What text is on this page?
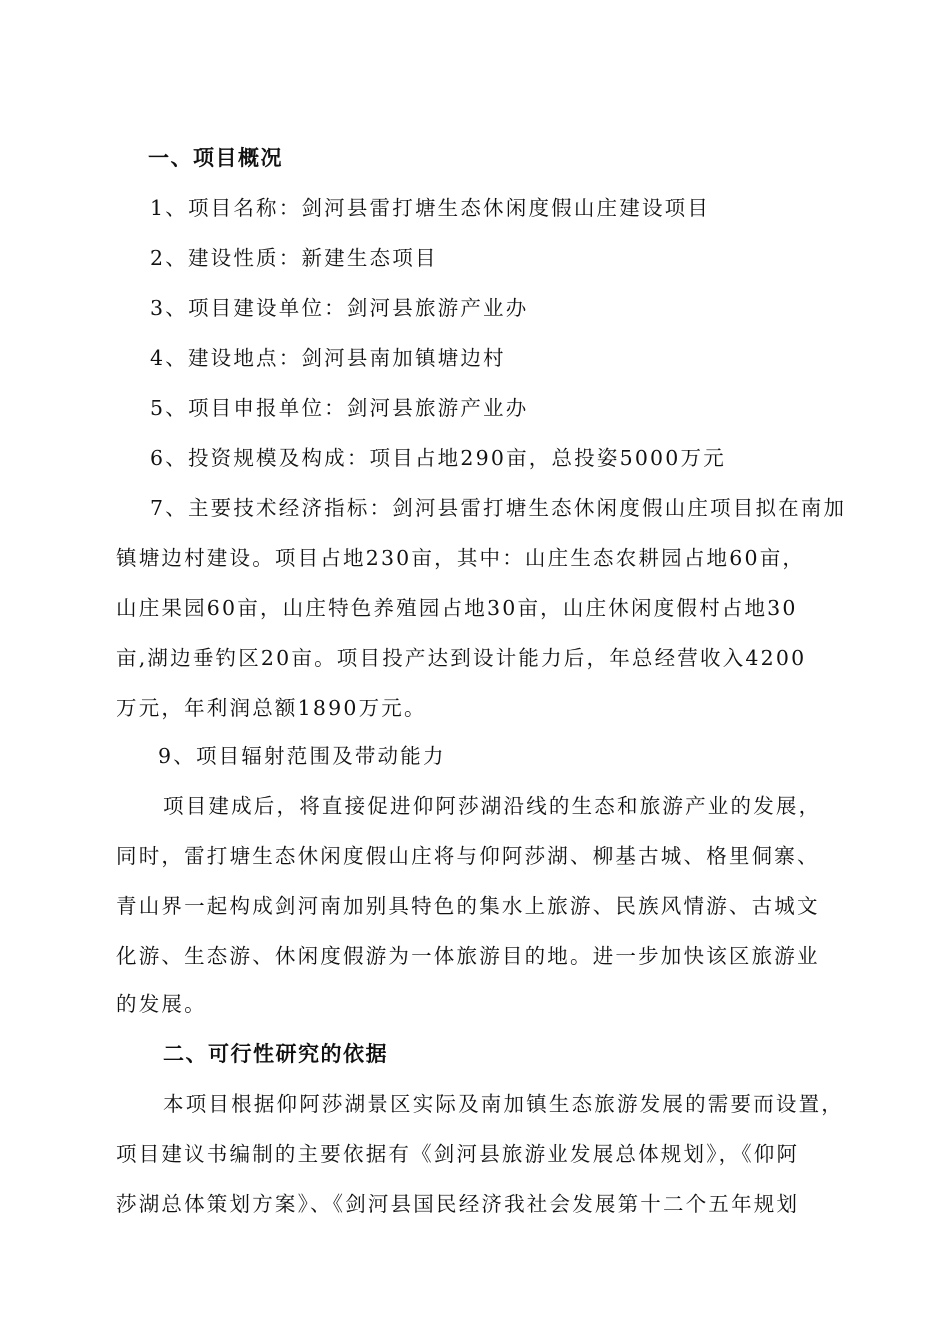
一、项目概况
1、项目名称：剑河县雷打塘生态休闲度假山庄建设项目
2、建设性质：新建生态项目
3、项目建设单位：剑河县旅游产业办
4、建设地点：剑河县南加镇塘边村
5、项目申报单位：剑河县旅游产业办
6、投资规模及构成：项目占地290亩，总投姿5000万元
7、主要技术经济指标：剑河县雷打塘生态休闲度假山庄项目拟在南加
镇塘边村建设。项目占地230亩，其中：山庄生态农耕园占地60亩，
山庄果园60亩，山庄特色养殖园占地30亩，山庄休闲度假村占地30
亩,湖边垂钓区20亩。项目投产达到设计能力后，年总经营收入4200
万元，年利润总额1890万元。
9、项目辐射范围及带动能力
项目建成后，将直接促进仰阿莎湖沿线的生态和旅游产业的发展，
同时，雷打塘生态休闲度假山庄将与仰阿莎湖、柳基古城、格里侗寨、
青山界一起构成剑河南加别具特色的集水上旅游、民族风情游、古城文
化游、生态游、休闲度假游为一体旅游目的地。进一步加快该区旅游业
的发展。
二、可行性研究的依据
本项目根据仰阿莎湖景区实际及南加镇生态旅游发展的需要而设置，
项目建议书编制的主要依据有《剑河县旅游业发展总体规划》，《仰阿
莎湖总体策划方案》、《剑河县国民经济我社会发展第十二个五年规划
